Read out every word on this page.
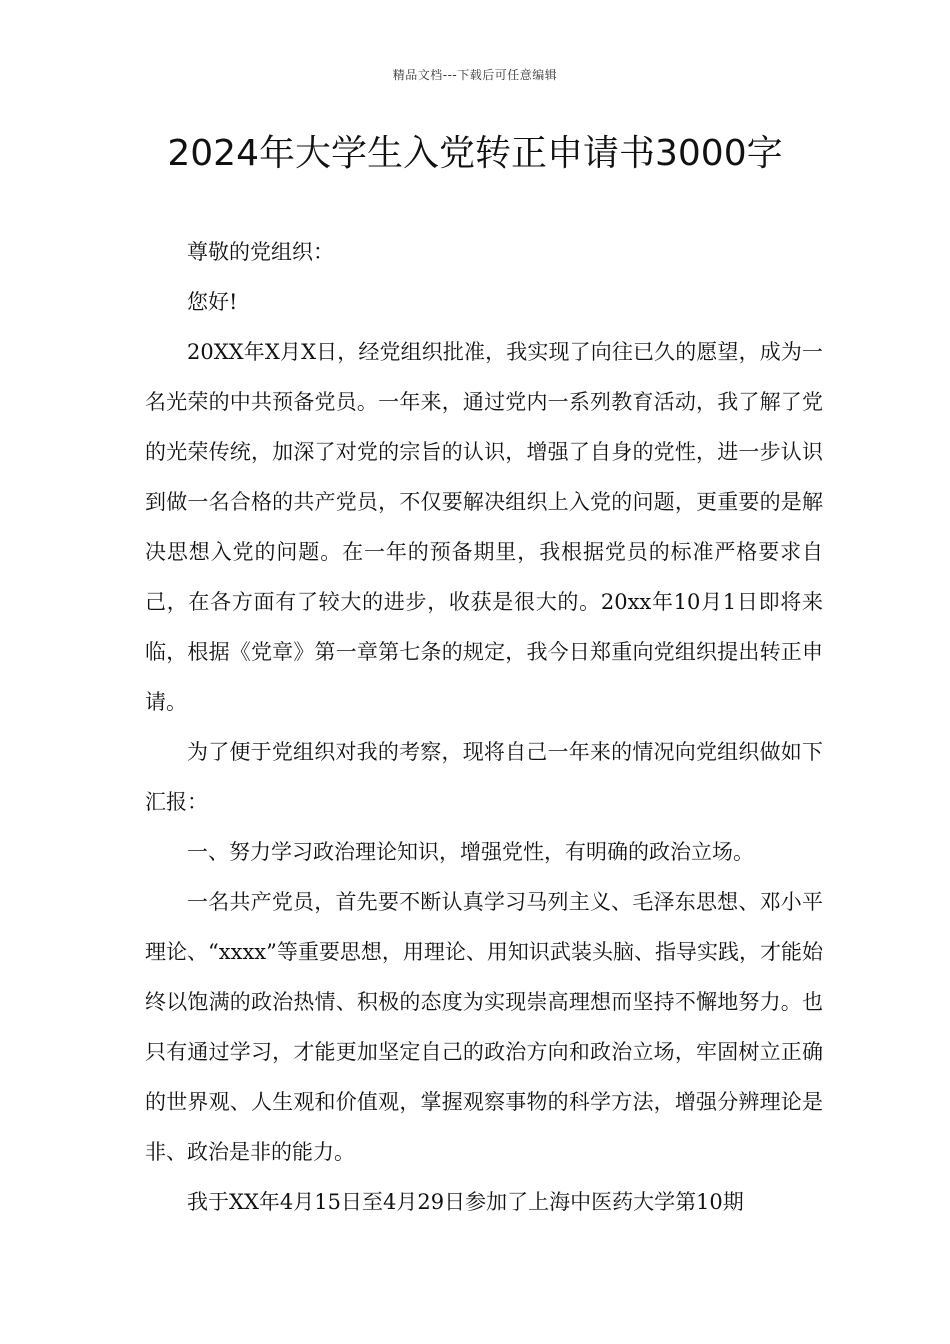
精品文档---下载后可任意编辑
2024年大学生入党转正申请书3000字

尊敬的党组织：

您好!

20XX年X月X日，经党组织批准，我实现了向往已久的愿望，成为一名光荣的中共预备党员。一年来，通过党内一系列教育活动，我了解了党的光荣传统，加深了对党的宗旨的认识，增强了自身的党性，进一步认识到做一名合格的共产党员，不仅要解决组织上入党的问题，更重要的是解决思想入党的问题。在一年的预备期里，我根据党员的标准严格要求自己，在各方面有了较大的进步，收获是很大的。20xx年10月1日即将来临，根据《党章》第一章第七条的规定，我今日郑重向党组织提出转正申请。

为了便于党组织对我的考察，现将自己一年来的情况向党组织做如下汇报：

一、努力学习政治理论知识，增强党性，有明确的政治立场。

一名共产党员，首先要不断认真学习马列主义、毛泽东思想、邓小平理论、“xxxx”等重要思想，用理论、用知识武装头脑、指导实践，才能始终以饱满的政治热情、积极的态度为实现崇高理想而坚持不懈地努力。也只有通过学习，才能更加坚定自己的政治方向和政治立场，牢固树立正确的世界观、人生观和价值观，掌握观察事物的科学方法，增强分辨理论是非、政治是非的能力。

我于XX年4月15日至4月29日参加了上海中医药大学第10期
